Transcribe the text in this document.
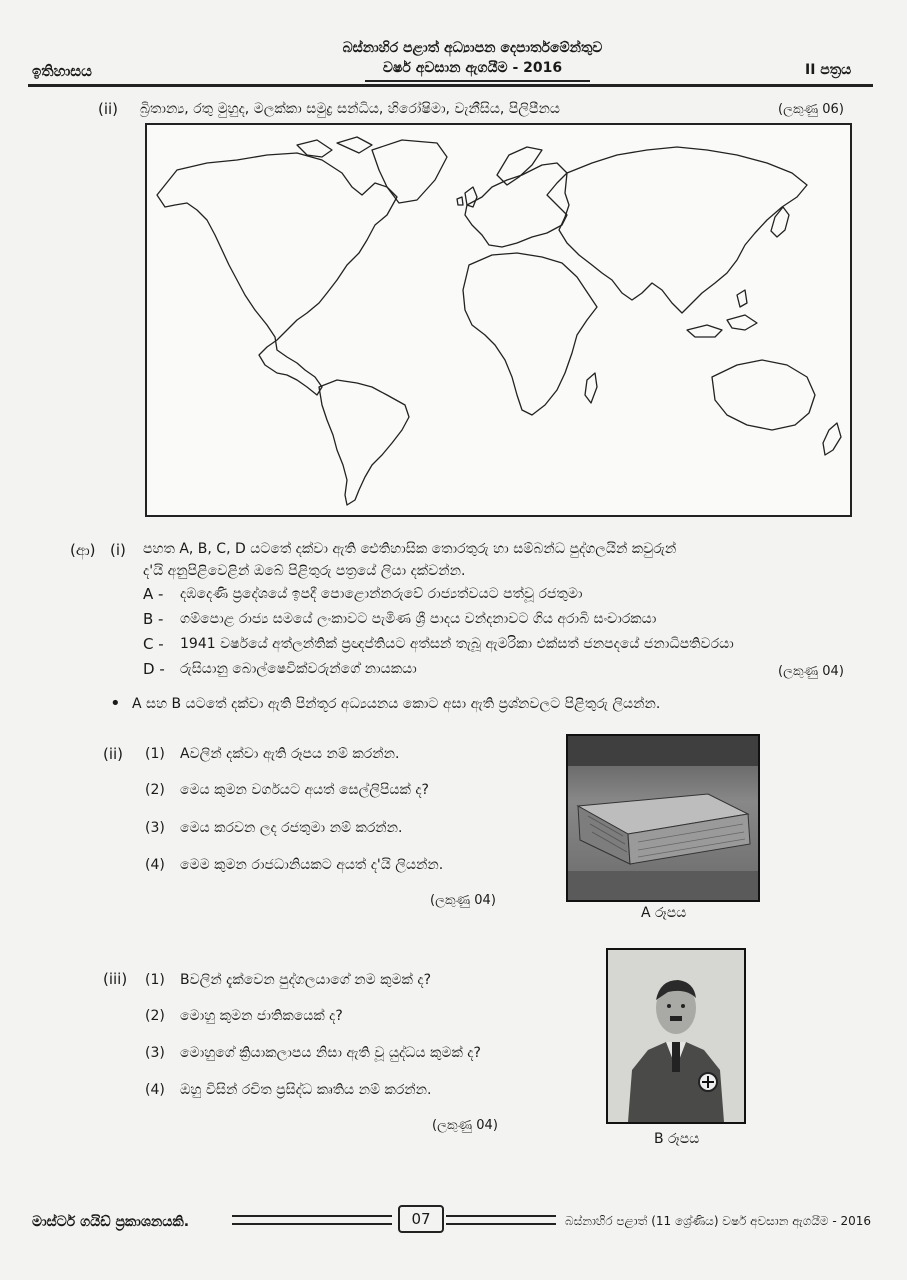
බස්නාහිර පළාත් අධ්‍යාපන දෙපාර්තමේන්තුව
වර්ෂ අවසාන ඇගයීම - 2016
ඉතිහාසය	II පත්‍රය
(ii) බ්‍රිතාන්‍ය, රතු මුහුද, මලක්කා සමුද්‍ර සන්ධිය, හිරෝෂිමා, වැනීසිය, පිලිපීනය	(ලකුණු 06)
(ආ) (i) පහත A, B, C, D යටතේ දක්වා ඇති ඓතිහාසික තොරතුරු හා සම්බන්ධ පුද්ගලයින් කවුරුන්
ද'යි අනුපිළිවෙළින් ඔබේ පිළිතුරු පත්‍රයේ ලියා දක්වන්න.
A - දඹදෙණි ප්‍රදේශයේ ඉපදී පොළොන්නරුවේ රාජ්‍යත්වයට පත්වූ රජතුමා
B - ගම්පොළ රාජ්‍ය සමයේ ලංකාවට පැමිණ ශ්‍රී පාදය වන්දනාවට ගිය අරාබි සංචාරකයා
C - 1941 වර්ෂයේ අත්ලන්තික් ප්‍රඥප්තියට අත්සන් තැබූ ඇමරිකා එක්සත් ජනපදයේ ජනාධිපතිවරයා
D - රුසියානු බොල්ෂෙවික්වරුන්ගේ නායකයා	(ලකුණු 04)
• A සහ B යටතේ දක්වා ඇති පින්තූර අධ්‍යයනය කොට අසා ඇති ප්‍රශ්නවලට පිළිතුරු ලියන්න.
(ii) (1) Aවලින් දක්වා ඇති රූපය නම් කරන්න.
(2) මෙය කුමන වර්ගයට අයත් සෙල්ලිපියක් ද?
(3) මෙය කරවන ලද රජතුමා නම් කරන්න.
(4) මෙම කුමන රාජධානියකට අයත් ද'යි ලියන්න.
(ලකුණු 04)
A රූපය
(iii) (1) Bවලින් දැක්වෙන පුද්ගලයාගේ නම කුමක් ද?
(2) මොහු කුමන ජාතිකයෙක් ද?
(3) මොහුගේ ක්‍රියාකලාපය නිසා ඇති වූ යුද්ධය කුමක් ද?
(4) ඔහු විසින් රචිත ප්‍රසිද්ධ කෘතිය නම් කරන්න.
(ලකුණු 04)
B රූපය
මාස්ටර් ගයිඩ් ප්‍රකාශනයකි.	07	බස්නාහිර පළාත් (11 ශ්‍රේණිය) වර්ෂ අවසාන ඇගයීම - 2016
